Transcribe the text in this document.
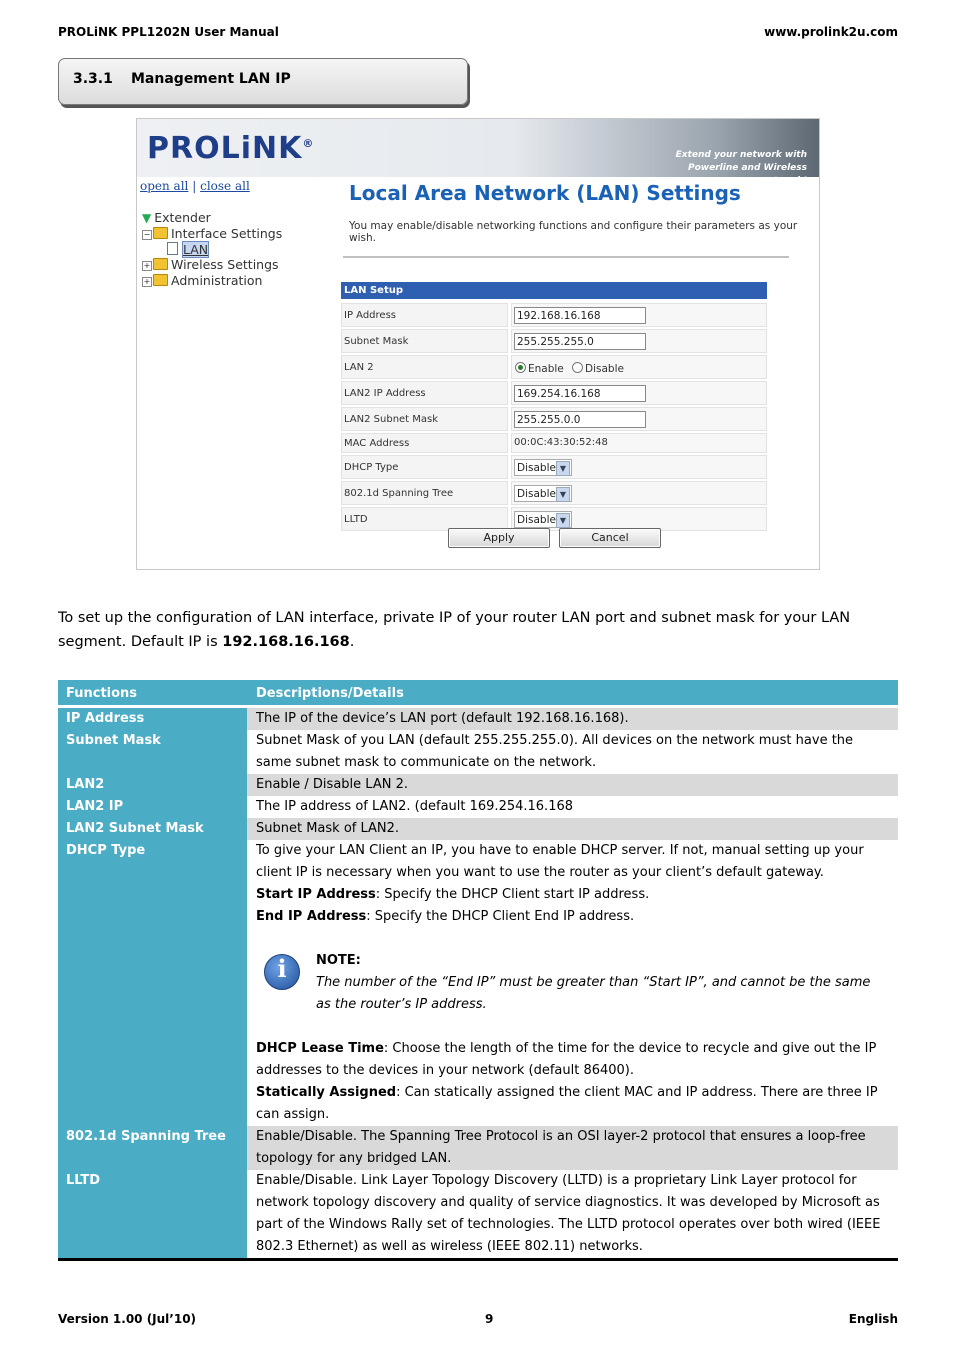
PROLiNK PPL1202N User Manual	www.prolink2u.com
3.3.1 Management LAN IP
PROLiNK®
Extend your network with
Powerline and Wireless network!
open all | close all
▼ Extender
− Interface Settings
LAN
+ Wireless Settings
+ Administration
Local Area Network (LAN) Settings
You may enable/disable networking functions and configure their parameters as your wish.
LAN Setup
IP Address	192.168.16.168
Subnet Mask	255.255.255.0
LAN 2	Enable	Disable
LAN2 IP Address	169.254.16.168
LAN2 Subnet Mask	255.255.0.0
MAC Address	00:0C:43:30:52:48
DHCP Type	Disable ▼
802.1d Spanning Tree	Disable ▼
LLTD	Disable ▼
Apply	Cancel
To set up the configuration of LAN interface, private IP of your router LAN port and subnet mask for your LAN segment. Default IP is 192.168.16.168.
Functions	Descriptions/Details
IP Address	The IP of the device’s LAN port (default 192.168.16.168).
Subnet Mask	Subnet Mask of you LAN (default 255.255.255.0). All devices on the network must have the same subnet mask to communicate on the network.
LAN2	Enable / Disable LAN 2.
LAN2 IP	The IP address of LAN2. (default 169.254.16.168
LAN2 Subnet Mask	Subnet Mask of LAN2.
DHCP Type	To give your LAN Client an IP, you have to enable DHCP server. If not, manual setting up your client IP is necessary when you want to use the router as your client’s default gateway.
Start IP Address: Specify the DHCP Client start IP address.
End IP Address: Specify the DHCP Client End IP address.
i	NOTE:
The number of the “End IP” must be greater than “Start IP”, and cannot be the same as the router’s IP address.
DHCP Lease Time: Choose the length of the time for the device to recycle and give out the IP addresses to the devices in your network (default 86400).
Statically Assigned: Can statically assigned the client MAC and IP address. There are three IP can assign.
802.1d Spanning Tree	Enable/Disable. The Spanning Tree Protocol is an OSI layer-2 protocol that ensures a loop-free topology for any bridged LAN.
LLTD	Enable/Disable. Link Layer Topology Discovery (LLTD) is a proprietary Link Layer protocol for network topology discovery and quality of service diagnostics. It was developed by Microsoft as part of the Windows Rally set of technologies. The LLTD protocol operates over both wired (IEEE 802.3 Ethernet) as well as wireless (IEEE 802.11) networks.
Version 1.00 (Jul’10)	9	English
